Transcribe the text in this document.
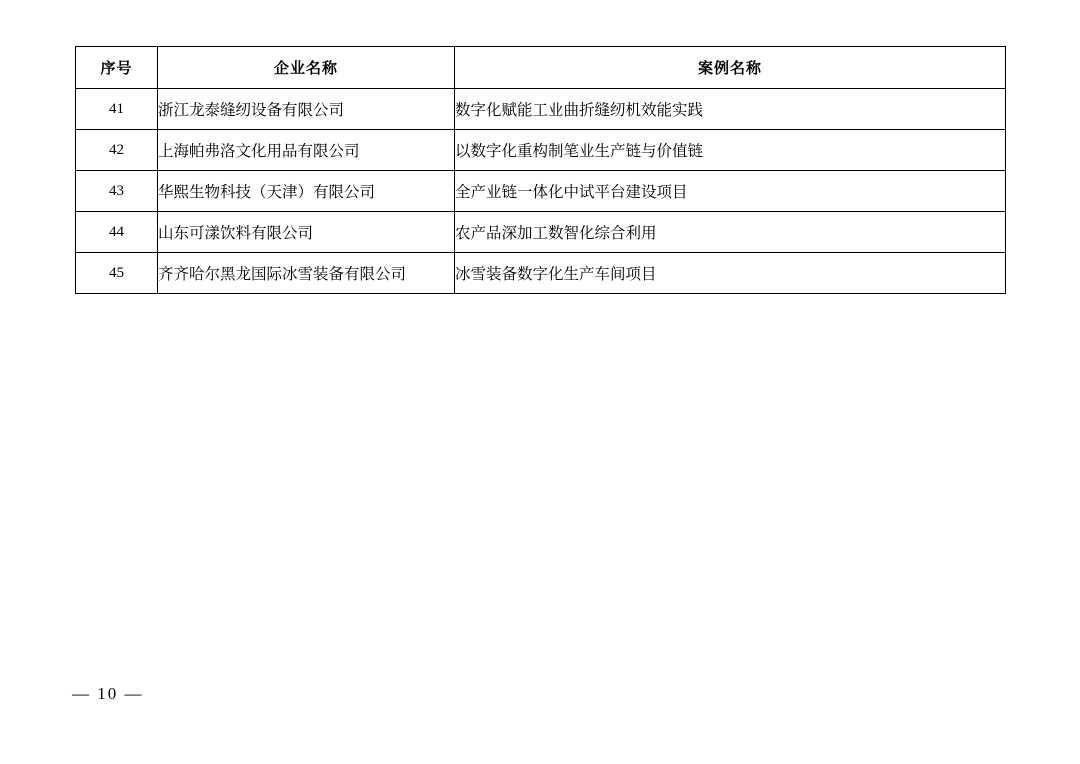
序号	企业名称	案例名称
41	浙江龙泰缝纫设备有限公司	数字化赋能工业曲折缝纫机效能实践
42	上海帕弗洛文化用品有限公司	以数字化重构制笔业生产链与价值链
43	华熙生物科技（天津）有限公司	全产业链一体化中试平台建设项目
44	山东可漾饮料有限公司	农产品深加工数智化综合利用
45	齐齐哈尔黑龙国际冰雪装备有限公司	冰雪装备数字化生产车间项目
— 10 —
